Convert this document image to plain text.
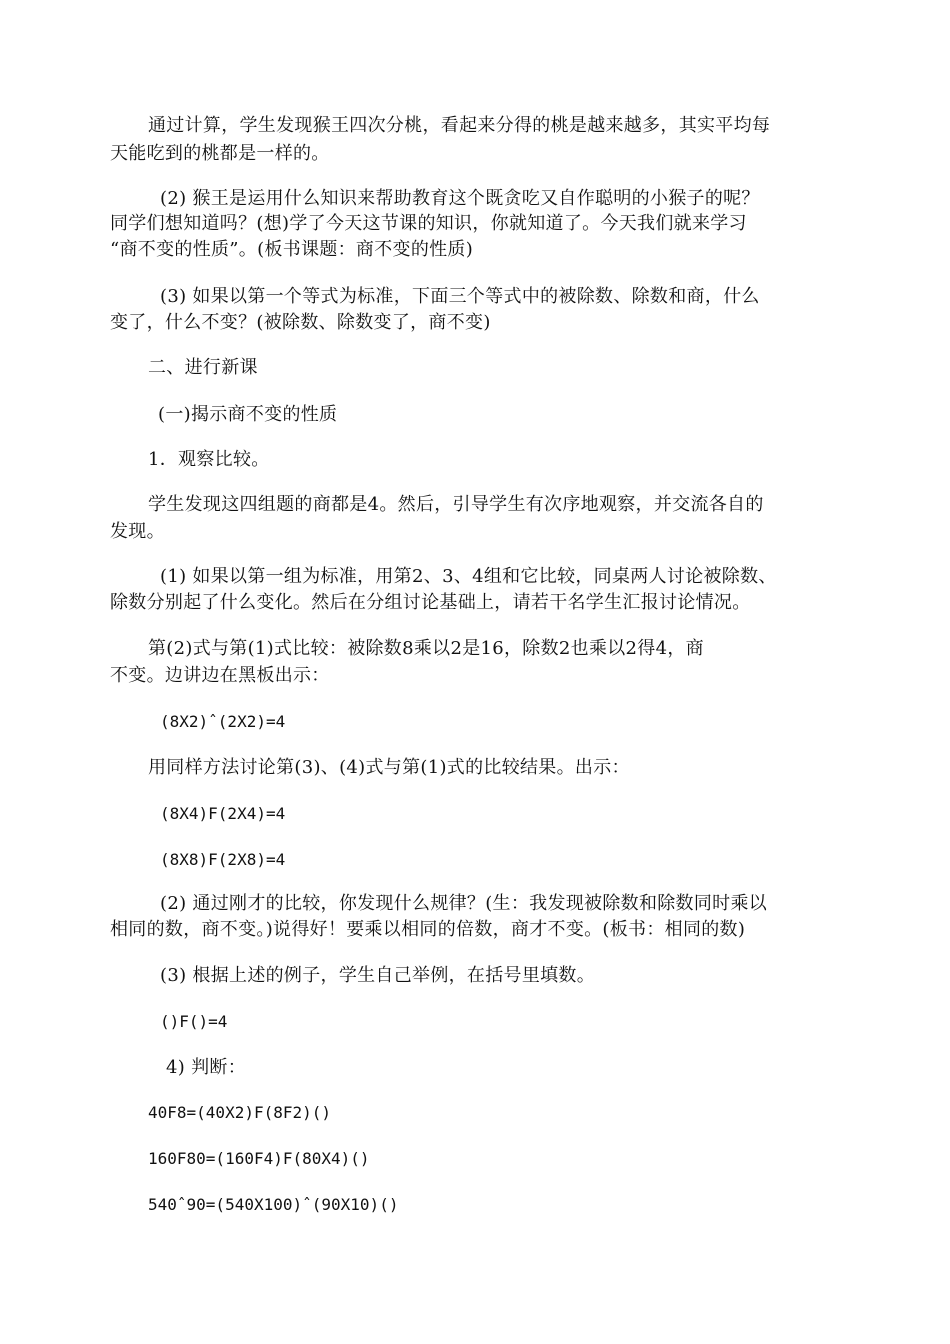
通过计算，学生发现猴王四次分桃，看起来分得的桃是越来越多，其实平均每
天能吃到的桃都是一样的。
(2) 猴王是运用什么知识来帮助教育这个既贪吃又自作聪明的小猴子的呢？
同学们想知道吗？(想)学了今天这节课的知识，你就知道了。今天我们就来学习
“商不变的性质”。(板书课题：商不变的性质)
(3) 如果以第一个等式为标准，下面三个等式中的被除数、除数和商，什么
变了，什么不变？(被除数、除数变了，商不变)
二、进行新课
(一)揭示商不变的性质
1．观察比较。
学生发现这四组题的商都是4。然后，引导学生有次序地观察，并交流各自的
发现。
(1) 如果以第一组为标准，用第2、3、4组和它比较，同桌两人讨论被除数、
除数分别起了什么变化。然后在分组讨论基础上，请若干名学生汇报讨论情况。
第(2)式与第(1)式比较：被除数8乘以2是16，除数2也乘以2得4，商
不变。边讲边在黑板出示：
(8X2)ˆ(2X2)=4
用同样方法讨论第(3)、(4)式与第(1)式的比较结果。出示：
(8X4)F(2X4)=4
(8X8)F(2X8)=4
(2) 通过刚才的比较，你发现什么规律？(生：我发现被除数和除数同时乘以
相同的数，商不变。)说得好！要乘以相同的倍数，商才不变。(板书：相同的数)
(3) 根据上述的例子，学生自己举例，在括号里填数。
()F()=4
4) 判断：
40F8=(40X2)F(8F2)()
160F80=(160F4)F(80X4)()
540ˆ90=(540X100)ˆ(90X10)()
